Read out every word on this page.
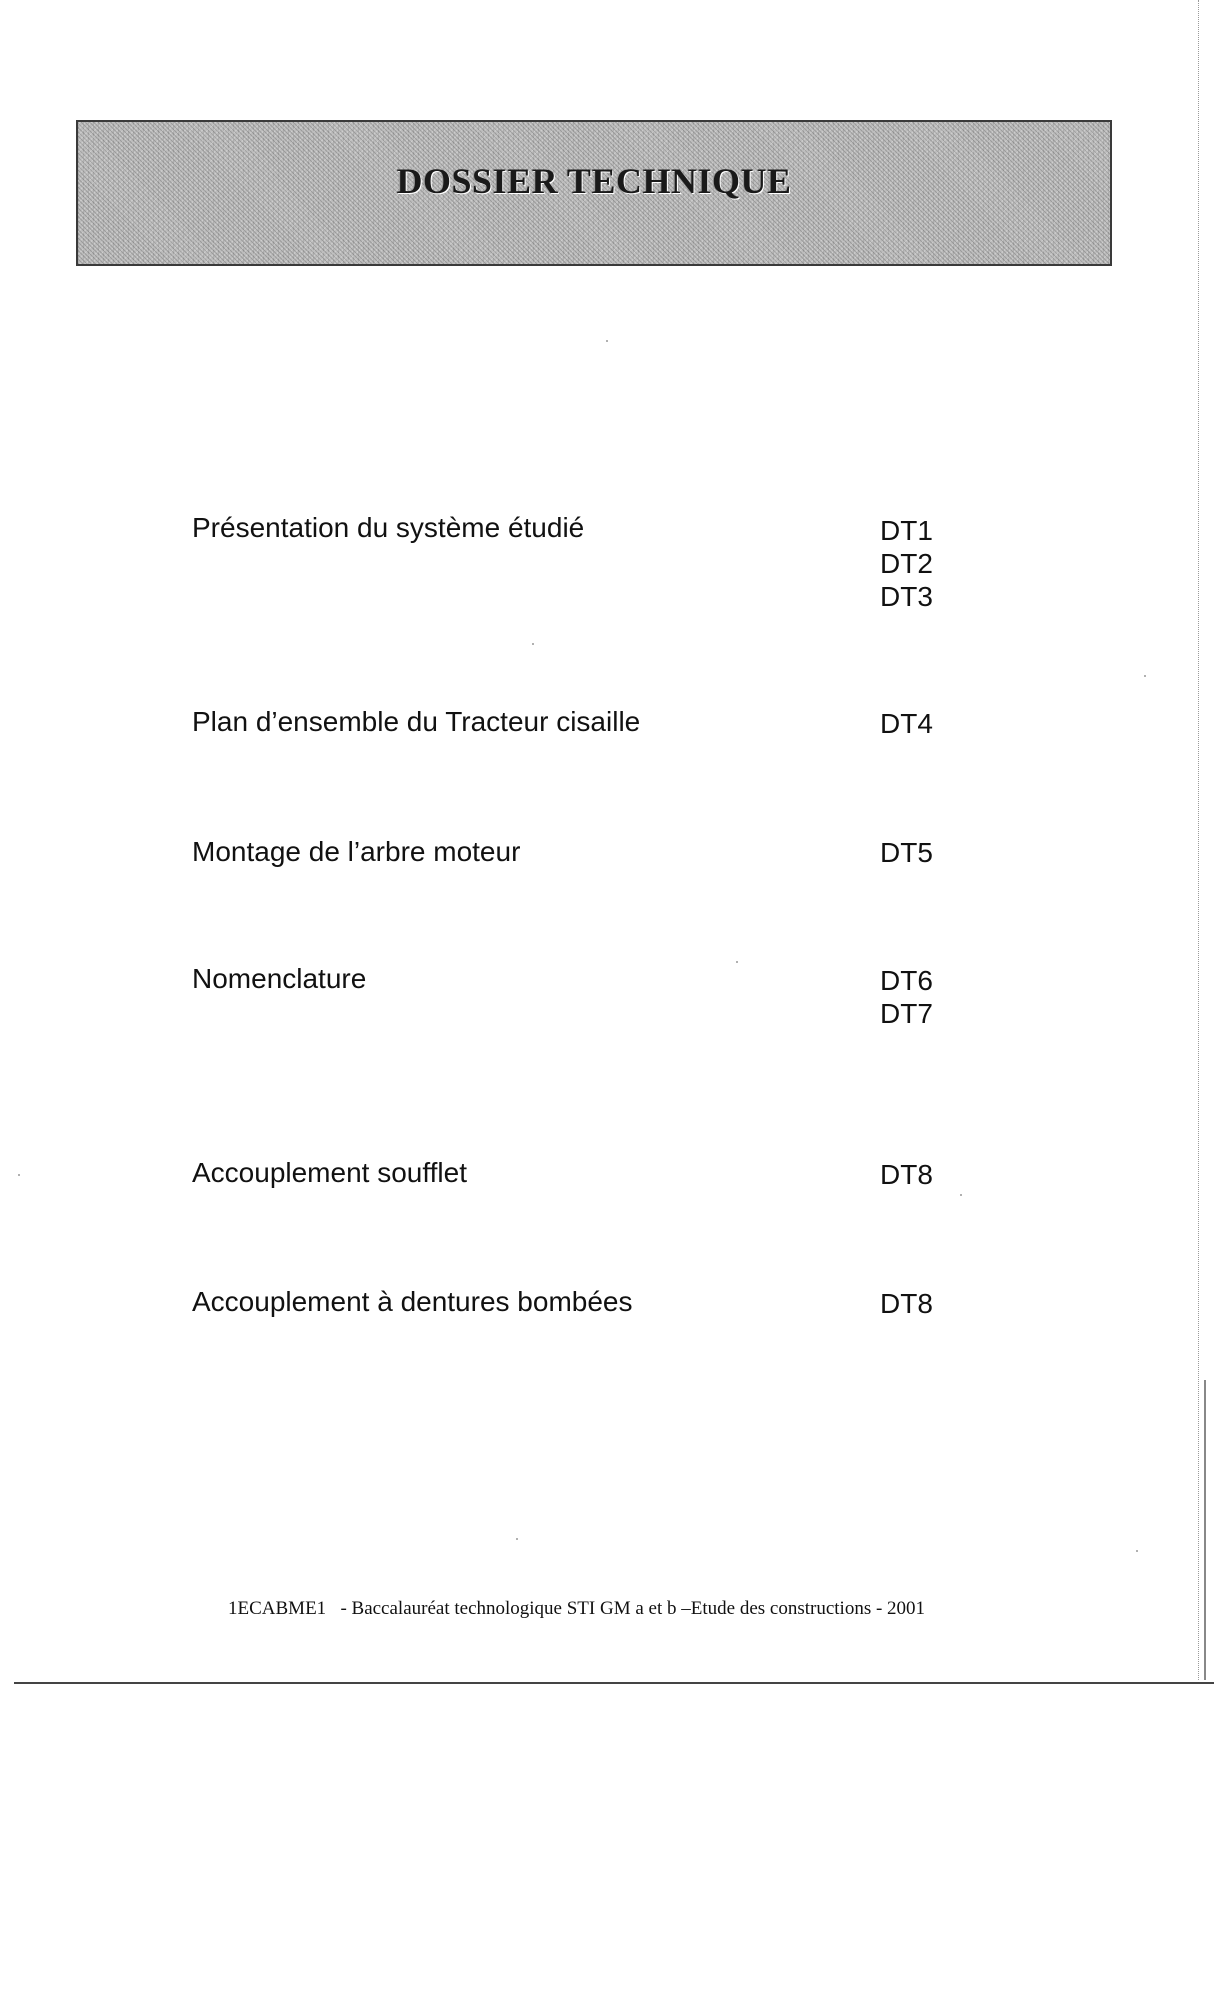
DOSSIER TECHNIQUE
Présentation du système étudié	DT1
DT2
DT3
Plan d’ensemble du Tracteur cisaille	DT4
Montage de l’arbre moteur	DT5
Nomenclature	DT6
DT7
Accouplement soufflet	DT8
Accouplement à dentures bombées	DT8
1ECABME1 - Baccalauréat technologique STI GM a et b –Etude des constructions - 2001
